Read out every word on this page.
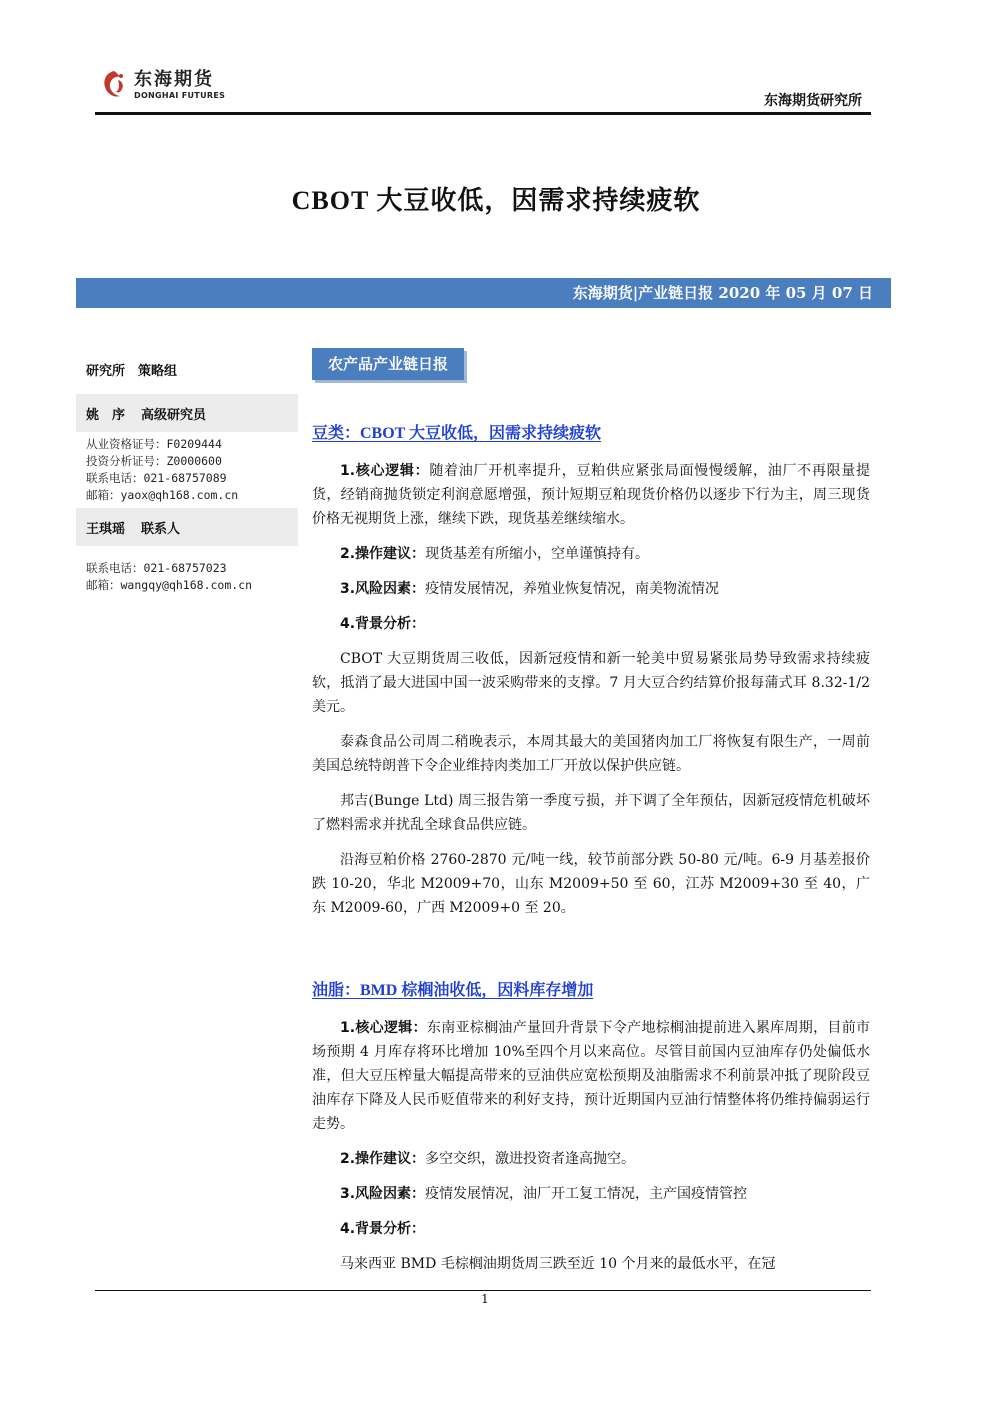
东海期货
DONGHAI FUTURES	东海期货研究所
CBOT 大豆收低，因需求持续疲软
东海期货|产业链日报 2020 年 05 月 07 日
研究所　策略组
姚　序 高级研究员
从业资格证号：F0209444
投资分析证号：Z0000600
联系电话：021-68757089
邮箱：yaox@qh168.com.cn
王琪瑶 联系人
联系电话：021-68757023
邮箱：wangqy@qh168.com.cn
农产品产业链日报
豆类：CBOT 大豆收低，因需求持续疲软

1.核心逻辑：随着油厂开机率提升，豆粕供应紧张局面慢慢缓解，油厂不再限量提货，经销商抛货锁定利润意愿增强，预计短期豆粕现货价格仍以逐步下行为主，周三现货价格无视期货上涨，继续下跌，现货基差继续缩水。

2.操作建议：现货基差有所缩小，空单谨慎持有。

3.风险因素：疫情发展情况，养殖业恢复情况，南美物流情况

4.背景分析：

CBOT 大豆期货周三收低，因新冠疫情和新一轮美中贸易紧张局势导致需求持续疲软，抵消了最大进国中国一波采购带来的支撑。7 月大豆合约结算价报每蒲式耳 8.32-1/2 美元。

泰森食品公司周二稍晚表示，本周其最大的美国猪肉加工厂将恢复有限生产，一周前美国总统特朗普下令企业维持肉类加工厂开放以保护供应链。

邦吉(Bunge Ltd) 周三报告第一季度亏损，并下调了全年预估，因新冠疫情危机破坏了燃料需求并扰乱全球食品供应链。

沿海豆粕价格 2760-2870 元/吨一线，较节前部分跌 50-80 元/吨。6-9 月基差报价跌 10-20，华北 M2009+70，山东 M2009+50 至 60，江苏 M2009+30 至 40，广东 M2009-60，广西 M2009+0 至 20。

油脂：BMD 棕榈油收低，因料库存增加

1.核心逻辑：东南亚棕榈油产量回升背景下令产地棕榈油提前进入累库周期，目前市场预期 4 月库存将环比增加 10%至四个月以来高位。尽管目前国内豆油库存仍处偏低水准，但大豆压榨量大幅提高带来的豆油供应宽松预期及油脂需求不利前景冲抵了现阶段豆油库存下降及人民币贬值带来的利好支持，预计近期国内豆油行情整体将仍维持偏弱运行走势。

2.操作建议：多空交织，激进投资者逢高抛空。

3.风险因素：疫情发展情况，油厂开工复工情况，主产国疫情管控

4.背景分析：

马来西亚 BMD 毛棕榈油期货周三跌至近 10 个月来的最低水平，在冠

1
